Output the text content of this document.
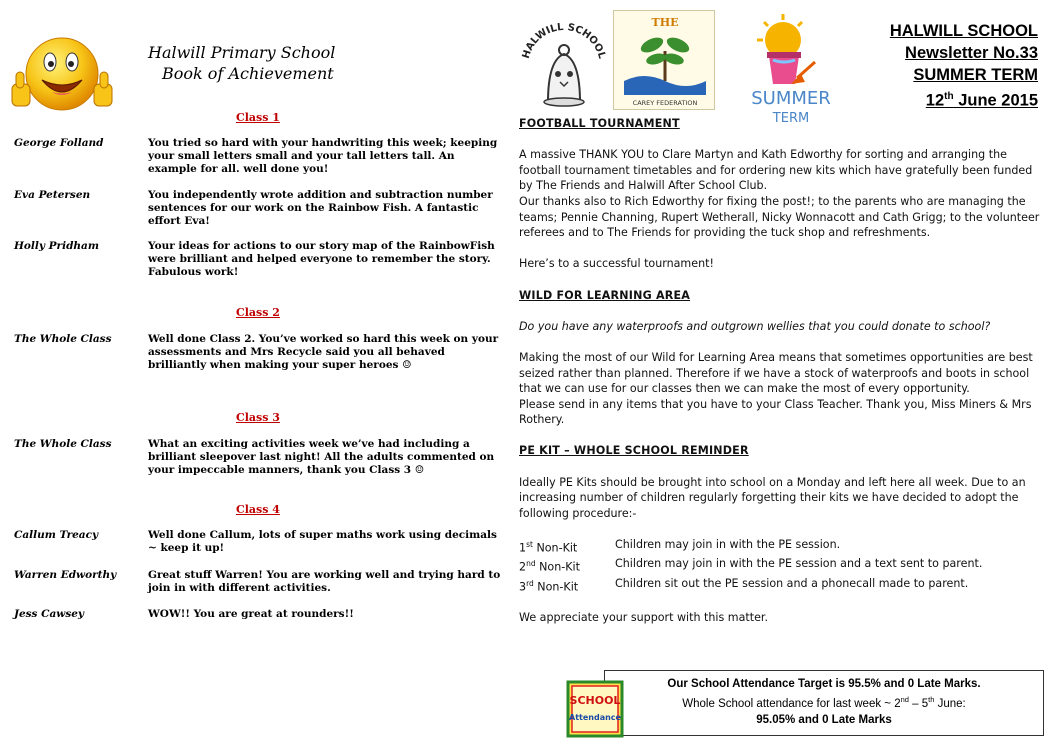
Halwill Primary School
Book of Achievement
Class 1
George Folland	You tried so hard with your handwriting this week; keeping your small letters small and your tall letters tall. An example for all. well done you!
Eva Petersen	You independently wrote addition and subtraction number sentences for our work on the Rainbow Fish. A fantastic effort Eva!
Holly Pridham	Your ideas for actions to our story map of the RainbowFish were brilliant and helped everyone to remember the story. Fabulous work!
Class 2
The Whole Class	Well done Class 2. You’ve worked so hard this week on your assessments and Mrs Recycle said you all behaved brilliantly when making your super heroes ☺
Class 3
The Whole Class	What an exciting activities week we’ve had including a brilliant sleepover last night! All the adults commented on your impeccable manners, thank you Class 3 ☺
Class 4
Callum Treacy	Well done Callum, lots of super maths work using decimals ~ keep it up!
Warren Edworthy	Great stuff Warren! You are working well and trying hard to join in with different activities.
Jess Cawsey	WOW!! You are great at rounders!!
HALWILL SCHOOL
THE
CAREY FEDERATION	SUMMER
TERM
HALWILL SCHOOL
Newsletter No.33
SUMMER TERM
12th June 2015

FOOTBALL TOURNAMENT

A massive THANK YOU to Clare Martyn and Kath Edworthy for sorting and arranging the football tournament timetables and for ordering new kits which have gratefully been funded by The Friends and Halwill After School Club.

Our thanks also to Rich Edworthy for fixing the post!; to the parents who are managing the teams; Pennie Channing, Rupert Wetherall, Nicky Wonnacott and Cath Grigg; to the volunteer referees and to The Friends for providing the tuck shop and refreshments.

Here’s to a successful tournament!

WILD FOR LEARNING AREA

Do you have any waterproofs and outgrown wellies that you could donate to school?

Making the most of our Wild for Learning Area means that sometimes opportunities are best seized rather than planned. Therefore if we have a stock of waterproofs and boots in school that we can use for our classes then we can make the most of every opportunity.

Please send in any items that you have to your Class Teacher. Thank you, Miss Miners & Mrs Rothery.

PE KIT – WHOLE SCHOOL REMINDER

Ideally PE Kits should be brought into school on a Monday and left here all week. Due to an increasing number of children regularly forgetting their kits we have decided to adopt the following procedure:-

1st Non-Kit	Children may join in with the PE session.
2nd Non-Kit	Children may join in with the PE session and a text sent to parent.
3rd Non-Kit	Children sit out the PE session and a phonecall made to parent.

We appreciate your support with this matter.

Our School Attendance Target is 95.5% and 0 Late Marks.
Whole School attendance for last week ~ 2nd – 5th June:
95.05% and 0 Late Marks
SCHOOL
Attendance
